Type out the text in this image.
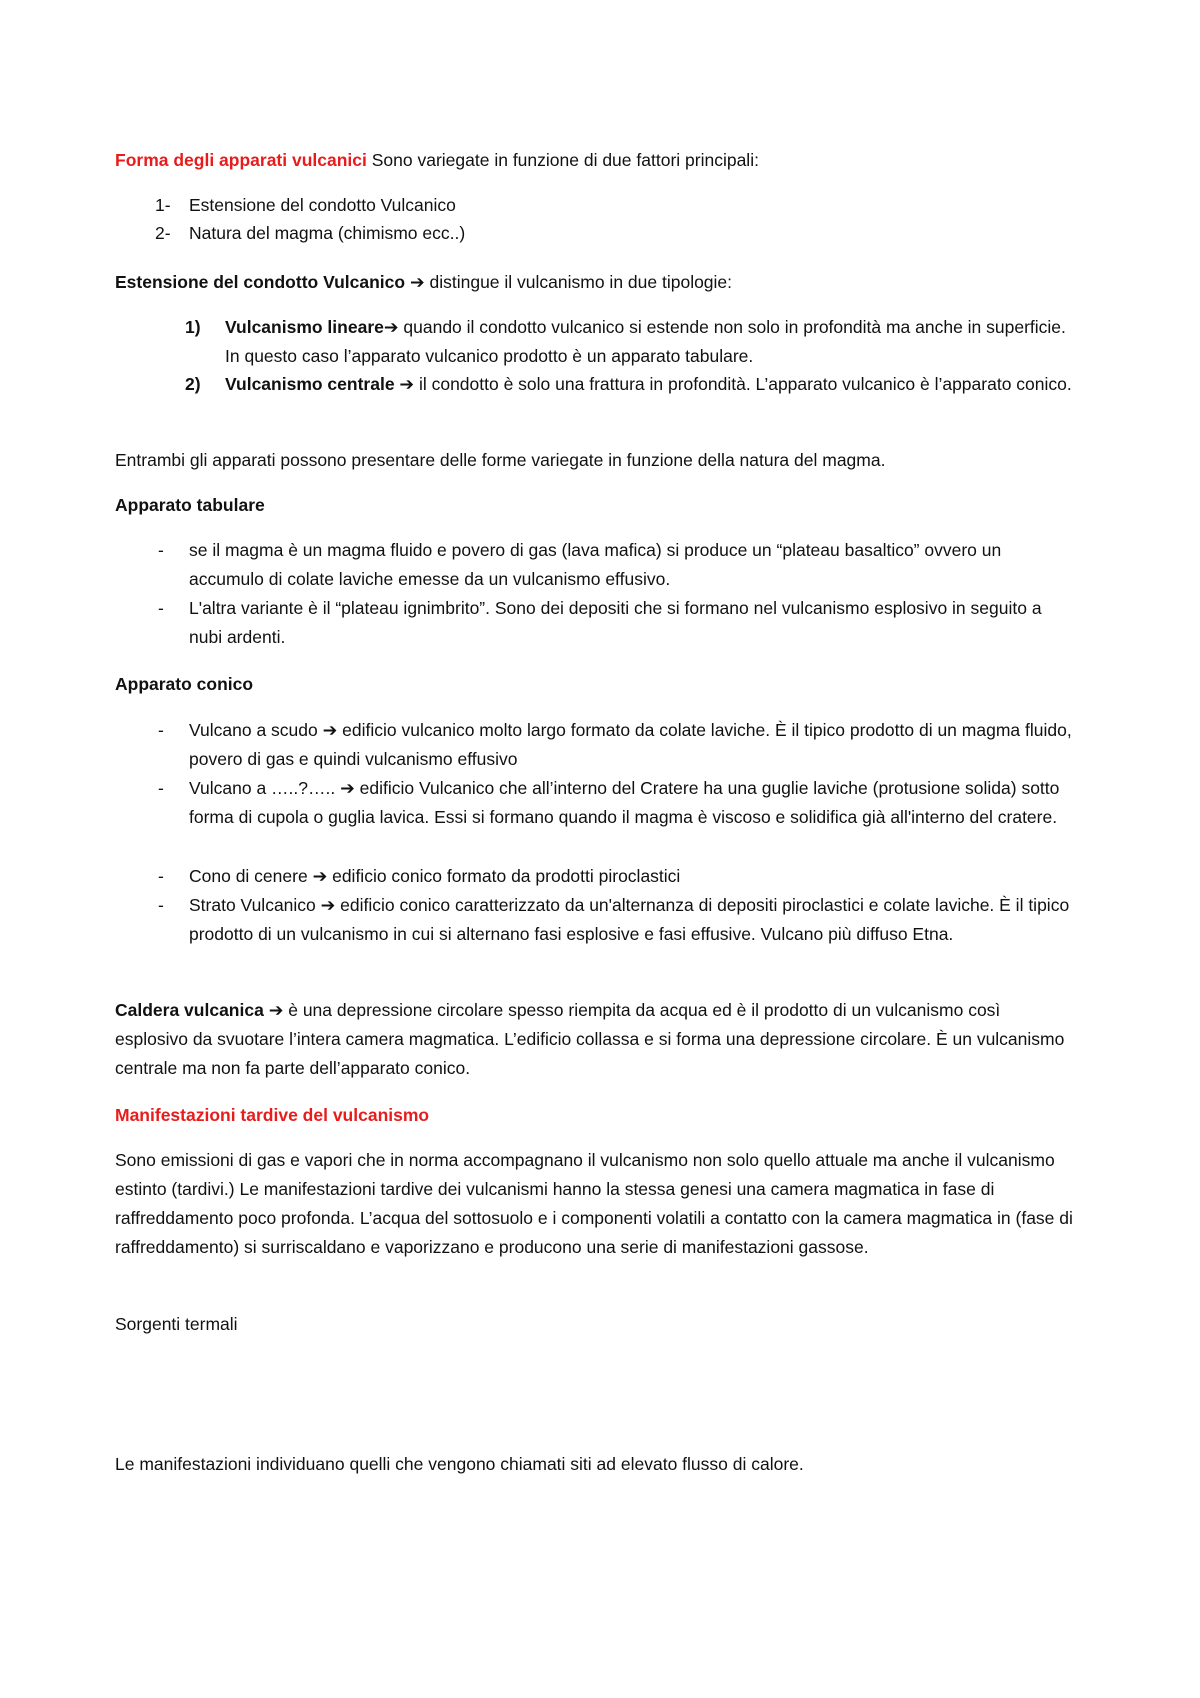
Forma degli apparati vulcanici Sono variegate in funzione di due fattori principali:

1- Estensione del condotto Vulcanico
2- Natura del magma (chimismo ecc..)

Estensione del condotto Vulcanico ➔ distingue il vulcanismo in due tipologie:

1) Vulcanismo lineare➔ quando il condotto vulcanico si estende non solo in profondità ma anche in superficie. In questo caso l’apparato vulcanico prodotto è un apparato tabulare.
2) Vulcanismo centrale ➔ il condotto è solo una frattura in profondità. L’apparato vulcanico è l’apparato conico.

Entrambi gli apparati possono presentare delle forme variegate in funzione della natura del magma.

Apparato tabulare

- se il magma è un magma fluido e povero di gas (lava mafica) si produce un “plateau basaltico” ovvero un accumulo di colate laviche emesse da un vulcanismo effusivo.
- L'altra variante è il “plateau ignimbrito”. Sono dei depositi che si formano nel vulcanismo esplosivo in seguito a nubi ardenti.

Apparato conico

- Vulcano a scudo ➔ edificio vulcanico molto largo formato da colate laviche. È il tipico prodotto di un magma fluido, povero di gas e quindi vulcanismo effusivo
- Vulcano a …..?….. ➔ edificio Vulcanico che all’interno del Cratere ha una guglie laviche (protusione solida) sotto forma di cupola o guglia lavica. Essi si formano quando il magma è viscoso e solidifica già all'interno del cratere.
- Cono di cenere ➔ edificio conico formato da prodotti piroclastici
- Strato Vulcanico ➔ edificio conico caratterizzato da un'alternanza di depositi piroclastici e colate laviche. È il tipico prodotto di un vulcanismo in cui si alternano fasi esplosive e fasi effusive. Vulcano più diffuso Etna.

Caldera vulcanica ➔ è una depressione circolare spesso riempita da acqua ed è il prodotto di un vulcanismo così esplosivo da svuotare l’intera camera magmatica. L’edificio collassa e si forma una depressione circolare. È un vulcanismo centrale ma non fa parte dell’apparato conico.

Manifestazioni tardive del vulcanismo

Sono emissioni di gas e vapori che in norma accompagnano il vulcanismo non solo quello attuale ma anche il vulcanismo estinto (tardivi.) Le manifestazioni tardive dei vulcanismi hanno la stessa genesi una camera magmatica in fase di raffreddamento poco profonda. L’acqua del sottosuolo e i componenti volatili a contatto con la camera magmatica in (fase di raffreddamento) si surriscaldano e vaporizzano e producono una serie di manifestazioni gassose.

Sorgenti termali

Le manifestazioni individuano quelli che vengono chiamati siti ad elevato flusso di calore.
